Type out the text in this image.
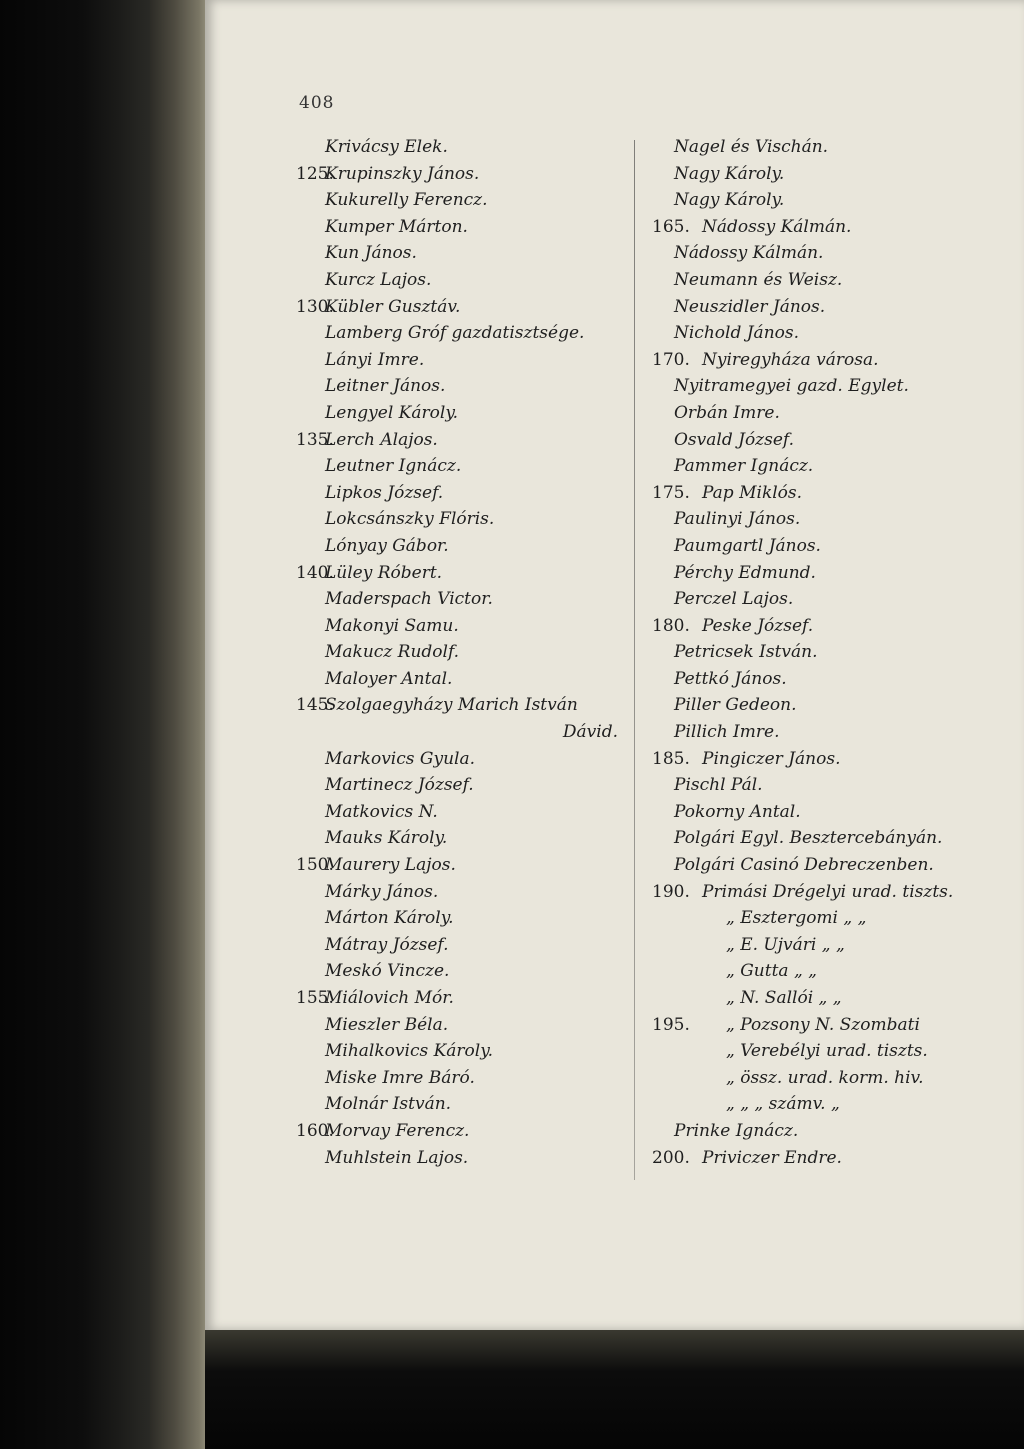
408
Krivácsy Elek.
125.
Krupinszky János.
Kukurelly Ferencz.
Kumper Márton.
Kun János.
Kurcz Lajos.
130.
Kübler Gusztáv.
Lamberg Gróf gazdatisztsége.
Lányi Imre.
Leitner János.
Lengyel Károly.
135.
Lerch Alajos.
Leutner Ignácz.
Lipkos József.
Lokcsánszky Flóris.
Lónyay Gábor.
140.
Lüley Róbert.
Maderspach Victor.
Makonyi Samu.
Makucz Rudolf.
Maloyer Antal.
145.
Szolgaegyházy Marich István
Dávid.
Markovics Gyula.
Martinecz József.
Matkovics N.
Mauks Károly.
150.
Maurery Lajos.
Márky János.
Márton Károly.
Mátray József.
Meskó Vincze.
155.
Miálovich Mór.
Mieszler Béla.
Mihalkovics Károly.
Miske Imre Báró.
Molnár István.
160.
Morvay Ferencz.
Muhlstein Lajos.
Nagel és Vischán.
Nagy Károly.
Nagy Károly.
165. Nádossy Kálmán.
Nádossy Kálmán.
Neumann és Weisz.
Neuszidler János.
Nichold János.
170. Nyiregyháza városa.
Nyitramegyei gazd. Egylet.
Orbán Imre.
Osvald József.
Pammer Ignácz.
175. Pap Miklós.
Paulinyi János.
Paumgartl János.
Pérchy Edmund.
Perczel Lajos.
180. Peske József.
Petricsek István.
Pettkó János.
Piller Gedeon.
Pillich Imre.
185. Pingiczer János.
Pischl Pál.
Pokorny Antal.
Polgári Egyl. Besztercebányán.
Polgári Casinó Debreczenben.
190. Primási Drégelyi urad. tiszts.
„ Esztergomi „ „
„ E. Ujvári „ „
„ Gutta „ „
„ N. Sallói „ „
195. „ Pozsony N. Szombati
„ Verebélyi urad. tiszts.
„ össz. urad. korm. hiv.
„ „ „ számv. „
Prinke Ignácz.
200. Priviczer Endre.
